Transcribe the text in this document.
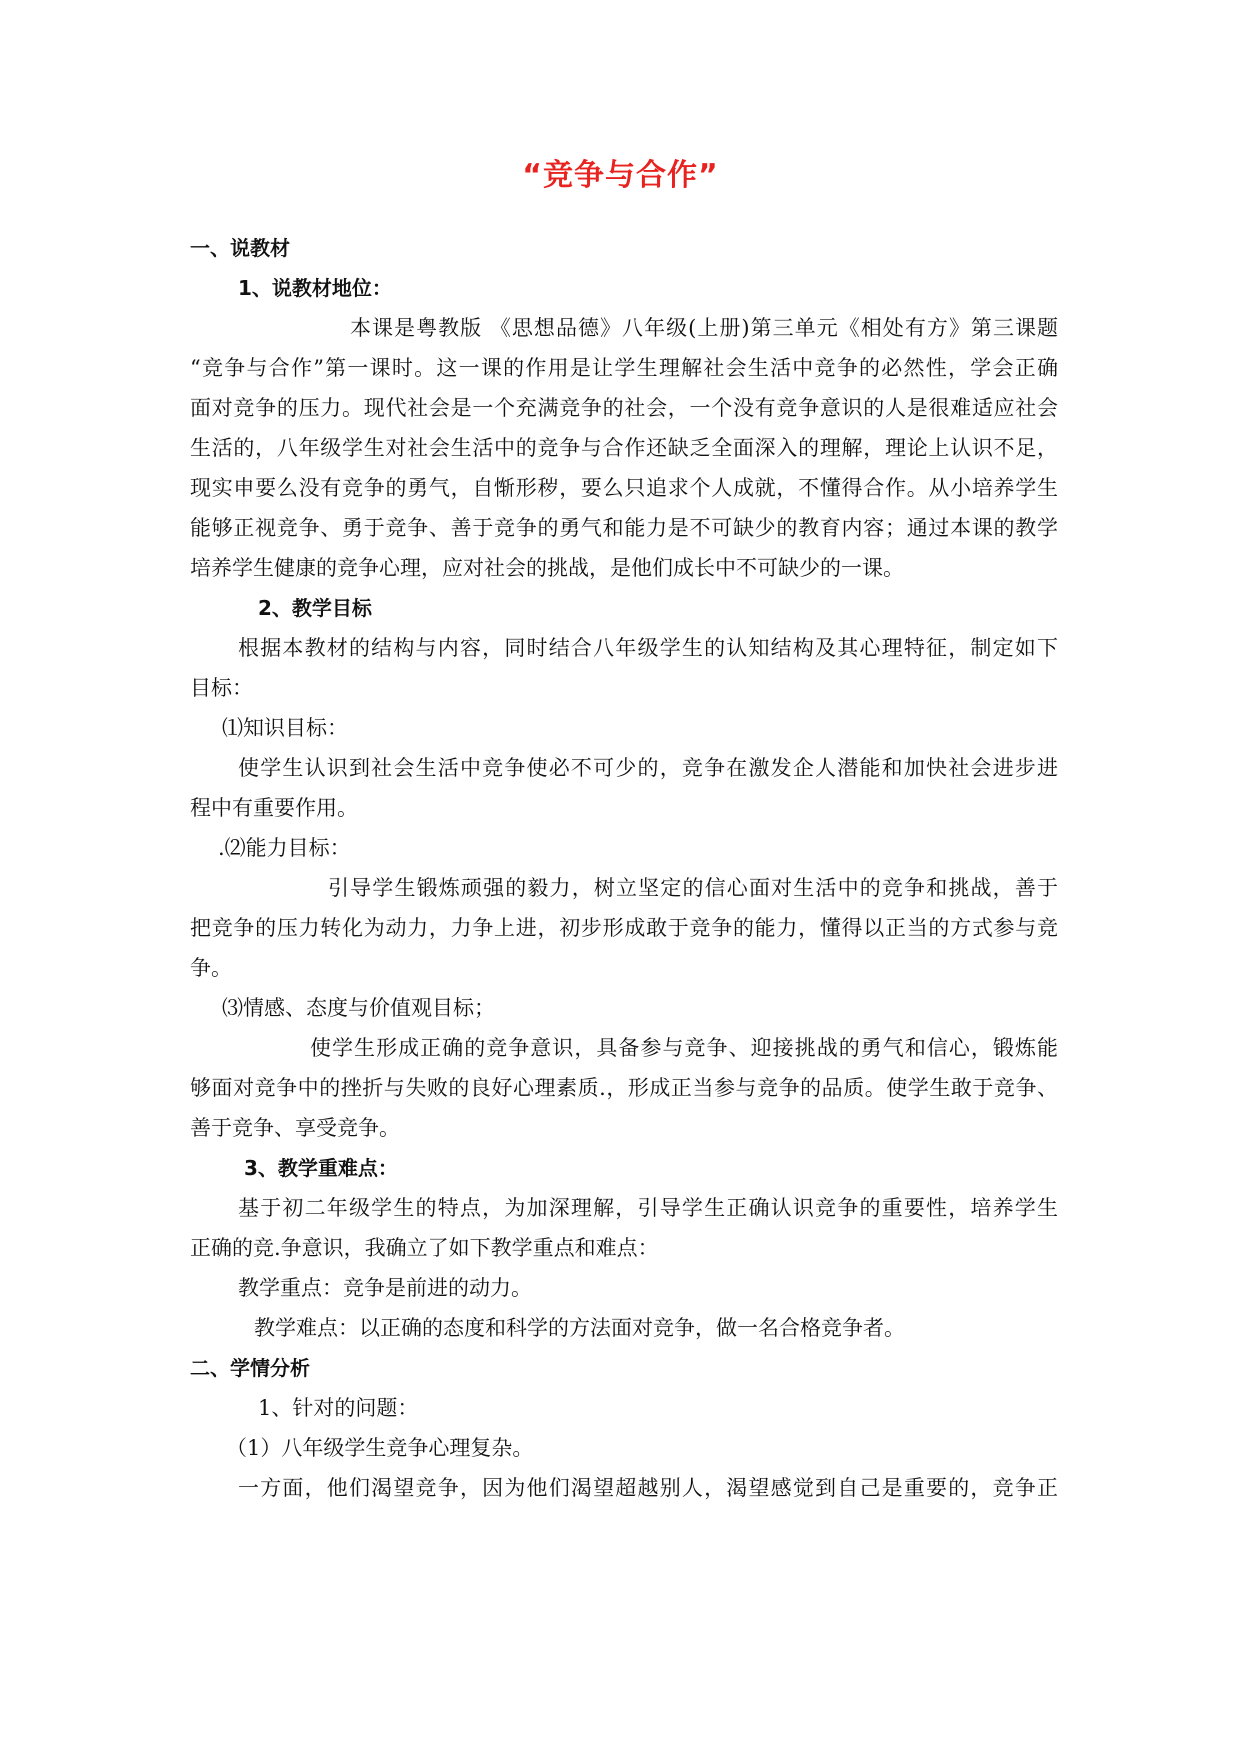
“竞争与合作”
一、说教材
1、说教材地位：
本课是粤教版 《思想品德》八年级(上册)第三单元《相处有方》第三课题
“竞争与合作”第一课时。这一课的作用是让学生理解社会生活中竞争的必然性，学会正确
面对竞争的压力。现代社会是一个充满竞争的社会，一个没有竞争意识的人是很难适应社会
生活的，八年级学生对社会生活中的竞争与合作还缺乏全面深入的理解，理论上认识不足，
现实申要么没有竞争的勇气，自惭形秽，要么只追求个人成就，不懂得合作。从小培养学生
能够正视竞争、勇于竞争、善于竞争的勇气和能力是不可缺少的教育内容；通过本课的教学
培养学生健康的竞争心理，应对社会的挑战，是他们成长中不可缺少的一课。
2、教学目标
根据本教材的结构与内容，同时结合八年级学生的认知结构及其心理特征，制定如下
目标：
⑴知识目标：
使学生认识到社会生活中竞争使必不可少的，竞争在激发企人潜能和加快社会进步进
程中有重要作用。
.⑵能力目标：
引导学生锻炼顽强的毅力，树立坚定的信心面对生活中的竞争和挑战，善于
把竞争的压力转化为动力，力争上进，初步形成敢于竞争的能力，懂得以正当的方式参与竞
争。
⑶情感、态度与价值观目标；
使学生形成正确的竞争意识，具备参与竞争、迎接挑战的勇气和信心，锻炼能
够面对竞争中的挫折与失败的良好心理素质.，形成正当参与竞争的品质。使学生敢于竞争、
善于竞争、享受竞争。
3、教学重难点：
基于初二年级学生的特点，为加深理解，引导学生正确认识竞争的重要性，培养学生
正确的竞.争意识，我确立了如下教学重点和难点：
教学重点：竞争是前进的动力。
教学难点：以正确的态度和科学的方法面对竞争，做一名合格竞争者。
二、学情分析
1、针对的问题：
（1）八年级学生竞争心理复杂。
一方面，他们渴望竞争，因为他们渴望超越别人，渴望感觉到自己是重要的，竞争正
